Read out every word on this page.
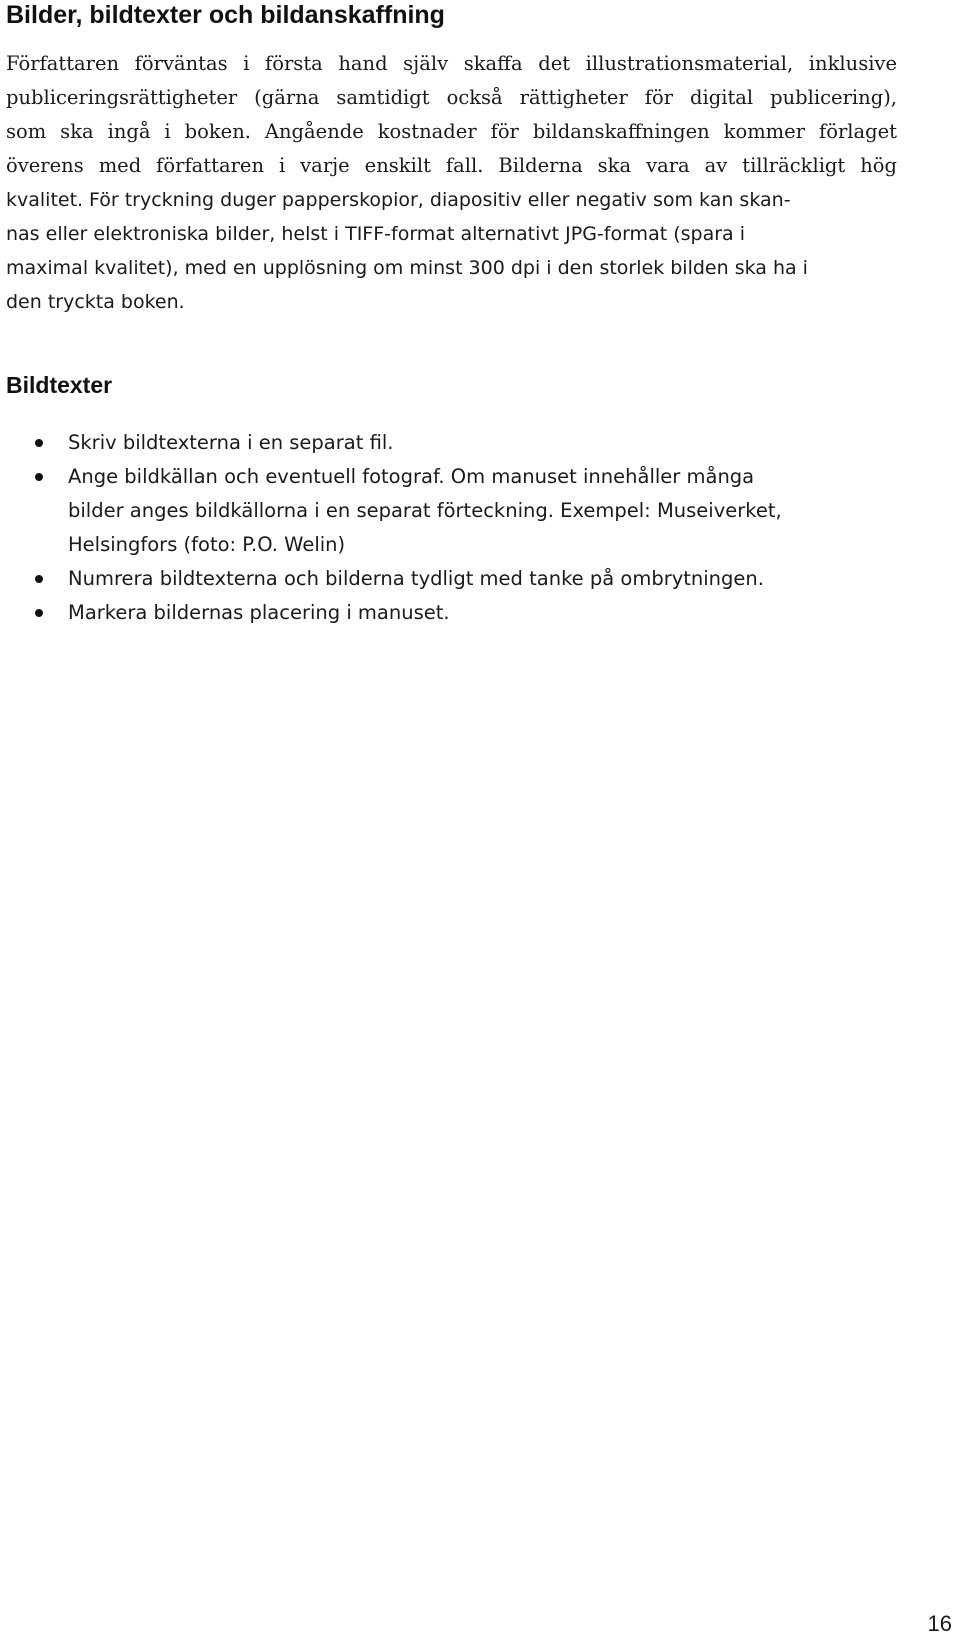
Bilder, bildtexter och bildanskaffning

Författaren förväntas i första hand själv skaffa det illustrationsmaterial, inklusive

publiceringsrättigheter (gärna samtidigt också rättigheter för digital publicering),

som ska ingå i boken. Angående kostnader för bildanskaffningen kommer förlaget

överens med författaren i varje enskilt fall. Bilderna ska vara av tillräckligt hög

kvalitet. För tryckning duger papperskopior, diapositiv eller negativ som kan skan-

nas eller elektroniska bilder, helst i TIFF-format alternativt JPG-format (spara i

maximal kvalitet), med en upplösning om minst 300 dpi i den storlek bilden ska ha i

den tryckta boken.

Bildtexter

Skriv bildtexterna i en separat fil.

Ange bildkällan och eventuell fotograf. Om manuset innehåller många

bilder anges bildkällorna i en separat förteckning. Exempel: Museiverket,

Helsingfors (foto: P.O. Welin)

Numrera bildtexterna och bilderna tydligt med tanke på ombrytningen.

Markera bildernas placering i manuset.

16
